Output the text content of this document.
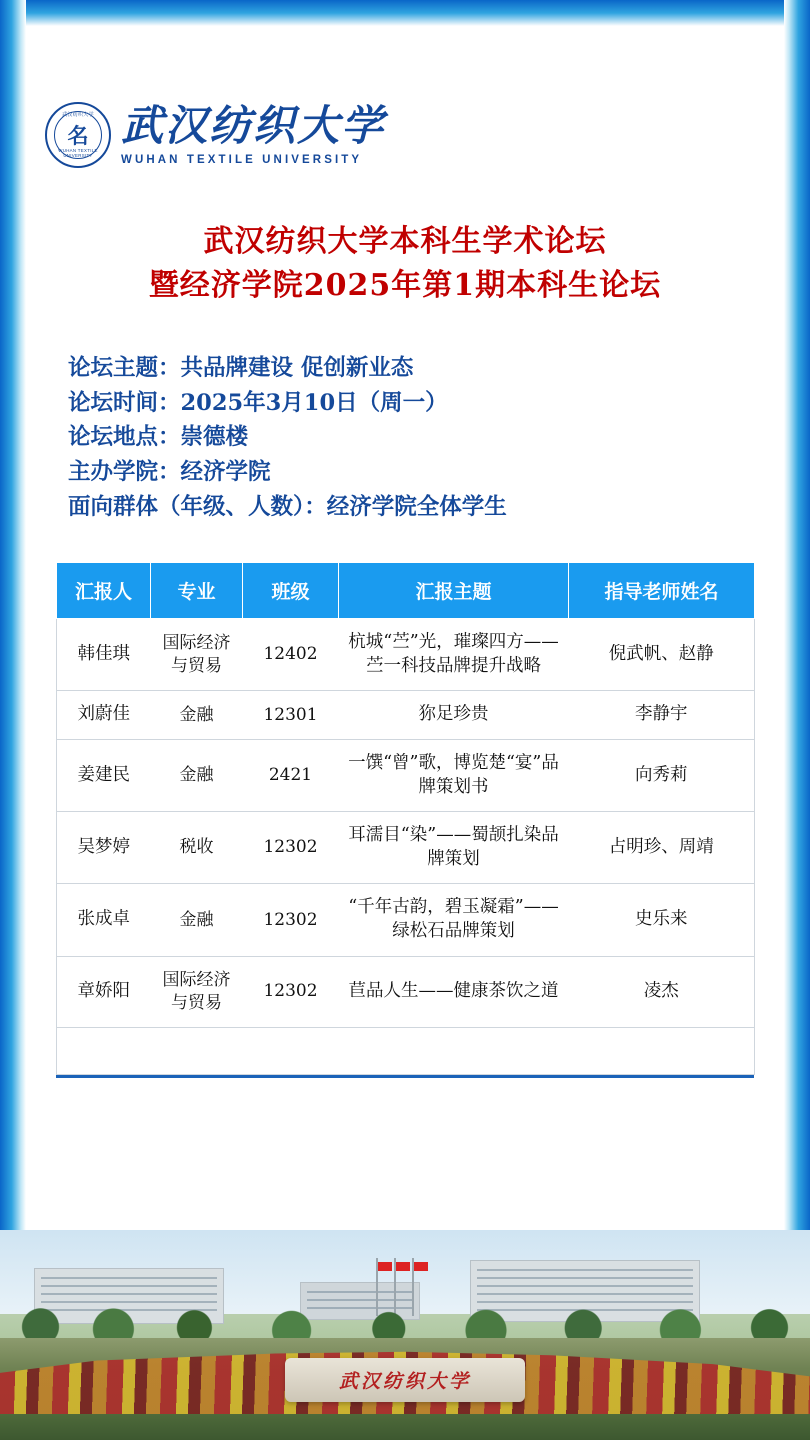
武汉纺织大学
名
WUHAN TEXTILE UNIVERSITY
武汉纺织大学
WUHAN TEXTILE UNIVERSITY
武汉纺织大学本科生学术论坛
暨经济学院2025年第1期本科生论坛
论坛主题：共品牌建设 促创新业态
论坛时间：2025年3月10日（周一）
论坛地点：崇德楼
主办学院：经济学院
面向群体（年级、人数）：经济学院全体学生
汇报人	专业	班级	汇报主题	指导老师姓名
韩佳琪	国际经济与贸易	12402	杭城“苎”光，璀璨四方——苎一科技品牌提升战略	倪武帆、赵静
刘蔚佳	金融	12301	狝足珍贵	李静宇
姜建民	金融	2421	一馔“曾”歌，博览楚“宴”品牌策划书	向秀莉
吴梦婷	税收	12302	耳濡目“染”——蜀颉扎染品牌策划	占明珍、周靖
张成卓	金融	12302	“千年古韵，碧玉凝霜”——绿松石品牌策划	史乐来
章娇阳	国际经济与贸易	12302	苣品人生——健康茶饮之道	凌杰

武汉纺织大学
